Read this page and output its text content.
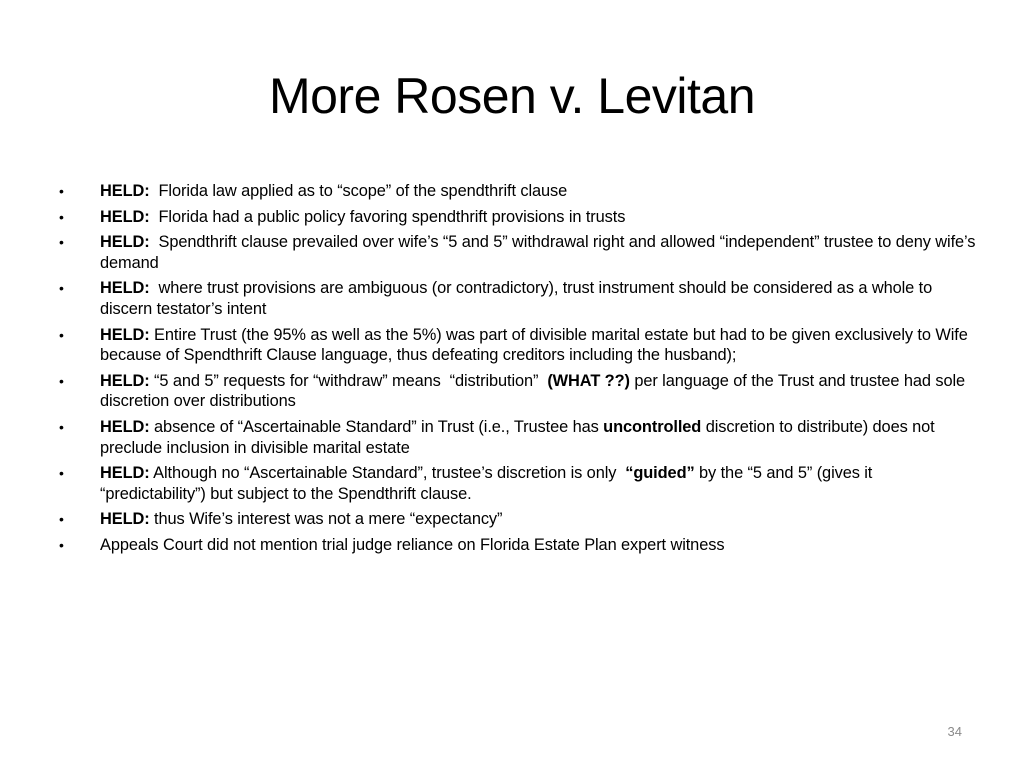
More Rosen v. Levitan
• HELD:  Florida law applied as to “scope” of the spendthrift clause
• HELD:  Florida had a public policy favoring spendthrift provisions in trusts
• HELD:  Spendthrift clause prevailed over wife’s “5 and 5” withdrawal right and allowed “independent” trustee to deny wife’s demand
• HELD:  where trust provisions are ambiguous (or contradictory), trust instrument should be considered as a whole to discern testator’s intent
• HELD: Entire Trust (the 95% as well as the 5%) was part of divisible marital estate but had to be given exclusively to Wife because of Spendthrift Clause language, thus defeating creditors including the husband);
• HELD: “5 and 5” requests for “withdraw” means  “distribution”  (WHAT ??) per language of the Trust and trustee had sole discretion over distributions
• HELD: absence of “Ascertainable Standard” in Trust (i.e., Trustee has uncontrolled discretion to distribute) does not preclude inclusion in divisible marital estate
• HELD: Although no “Ascertainable Standard”, trustee’s discretion is only  “guided” by the “5 and 5” (gives it “predictability”) but subject to the Spendthrift clause.
• HELD: thus Wife’s interest was not a mere “expectancy”
• Appeals Court did not mention trial judge reliance on Florida Estate Plan expert witness
34
